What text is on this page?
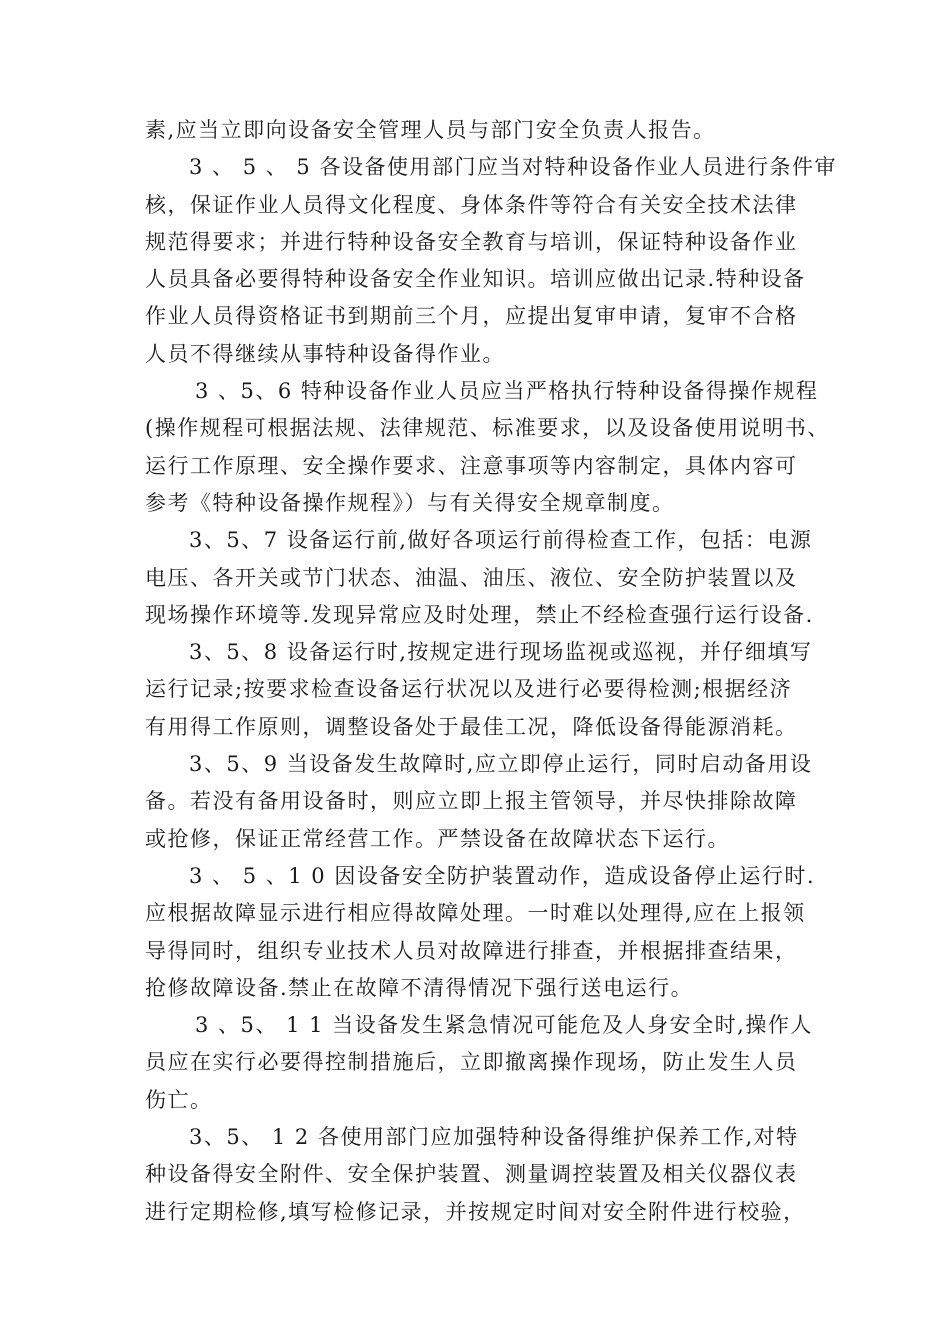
素,应当立即向设备安全管理人员与部门安全负责人报告。
3 、 5 、 5 各设备使用部门应当对特种设备作业人员进行条件审
核，保证作业人员得文化程度、身体条件等符合有关安全技术法律
规范得要求；并进行特种设备安全教育与培训，保证特种设备作业
人员具备必要得特种设备安全作业知识。培训应做出记录.特种设备
作业人员得资格证书到期前三个月，应提出复审申请，复审不合格
人员不得继续从事特种设备得作业。
3 、5、6 特种设备作业人员应当严格执行特种设备得操作规程
(操作规程可根据法规、法律规范、标准要求，以及设备使用说明书、
运行工作原理、安全操作要求、注意事项等内容制定，具体内容可
参考《特种设备操作规程》）与有关得安全规章制度。
3、5、7 设备运行前,做好各项运行前得检查工作，包括：电源
电压、各开关或节门状态、油温、油压、液位、安全防护装置以及
现场操作环境等.发现异常应及时处理，禁止不经检查强行运行设备.
3、5、8 设备运行时,按规定进行现场监视或巡视，并仔细填写
运行记录;按要求检查设备运行状况以及进行必要得检测;根据经济
有用得工作原则，调整设备处于最佳工况，降低设备得能源消耗。
3、5、9 当设备发生故障时,应立即停止运行，同时启动备用设
备。若没有备用设备时，则应立即上报主管领导，并尽快排除故障
或抢修，保证正常经营工作。严禁设备在故障状态下运行。
3 、 5 、1 0 因设备安全防护装置动作，造成设备停止运行时.
应根据故障显示进行相应得故障处理。一时难以处理得,应在上报领
导得同时，组织专业技术人员对故障进行排查，并根据排查结果，
抢修故障设备.禁止在故障不清得情况下强行送电运行。
3 、5、 1 1 当设备发生紧急情况可能危及人身安全时,操作人
员应在实行必要得控制措施后，立即撤离操作现场，防止发生人员
伤亡。
3、5、 1 2 各使用部门应加强特种设备得维护保养工作,对特
种设备得安全附件、安全保护装置、测量调控装置及相关仪器仪表
进行定期检修,填写检修记录，并按规定时间对安全附件进行校验，
